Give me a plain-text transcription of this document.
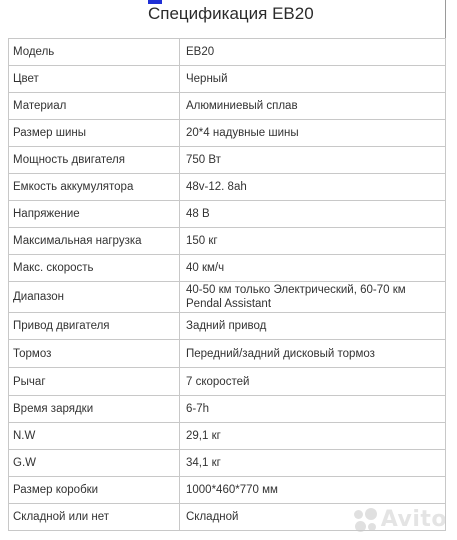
Спецификация EB20
Модель	EB20
Цвет	Черный
Материал	Алюминиевый сплав
Размер шины	20*4 надувные шины
Мощность двигателя	750 Вт
Емкость аккумулятора	48v-12. 8ah
Напряжение	48 В
Максимальная нагрузка	150 кг
Макс. скорость	40 км/ч
Диапазон	40-50 км только Электрический, 60-70 км Pendal Assistant
Привод двигателя	Задний привод
Тормоз	Передний/задний дисковый тормоз
Рычаг	7 скоростей
Время зарядки	6-7h
N.W	29,1 кг
G.W	34,1 кг
Размер коробки	1000*460*770 мм
Складной или нет	Складной	Avito
